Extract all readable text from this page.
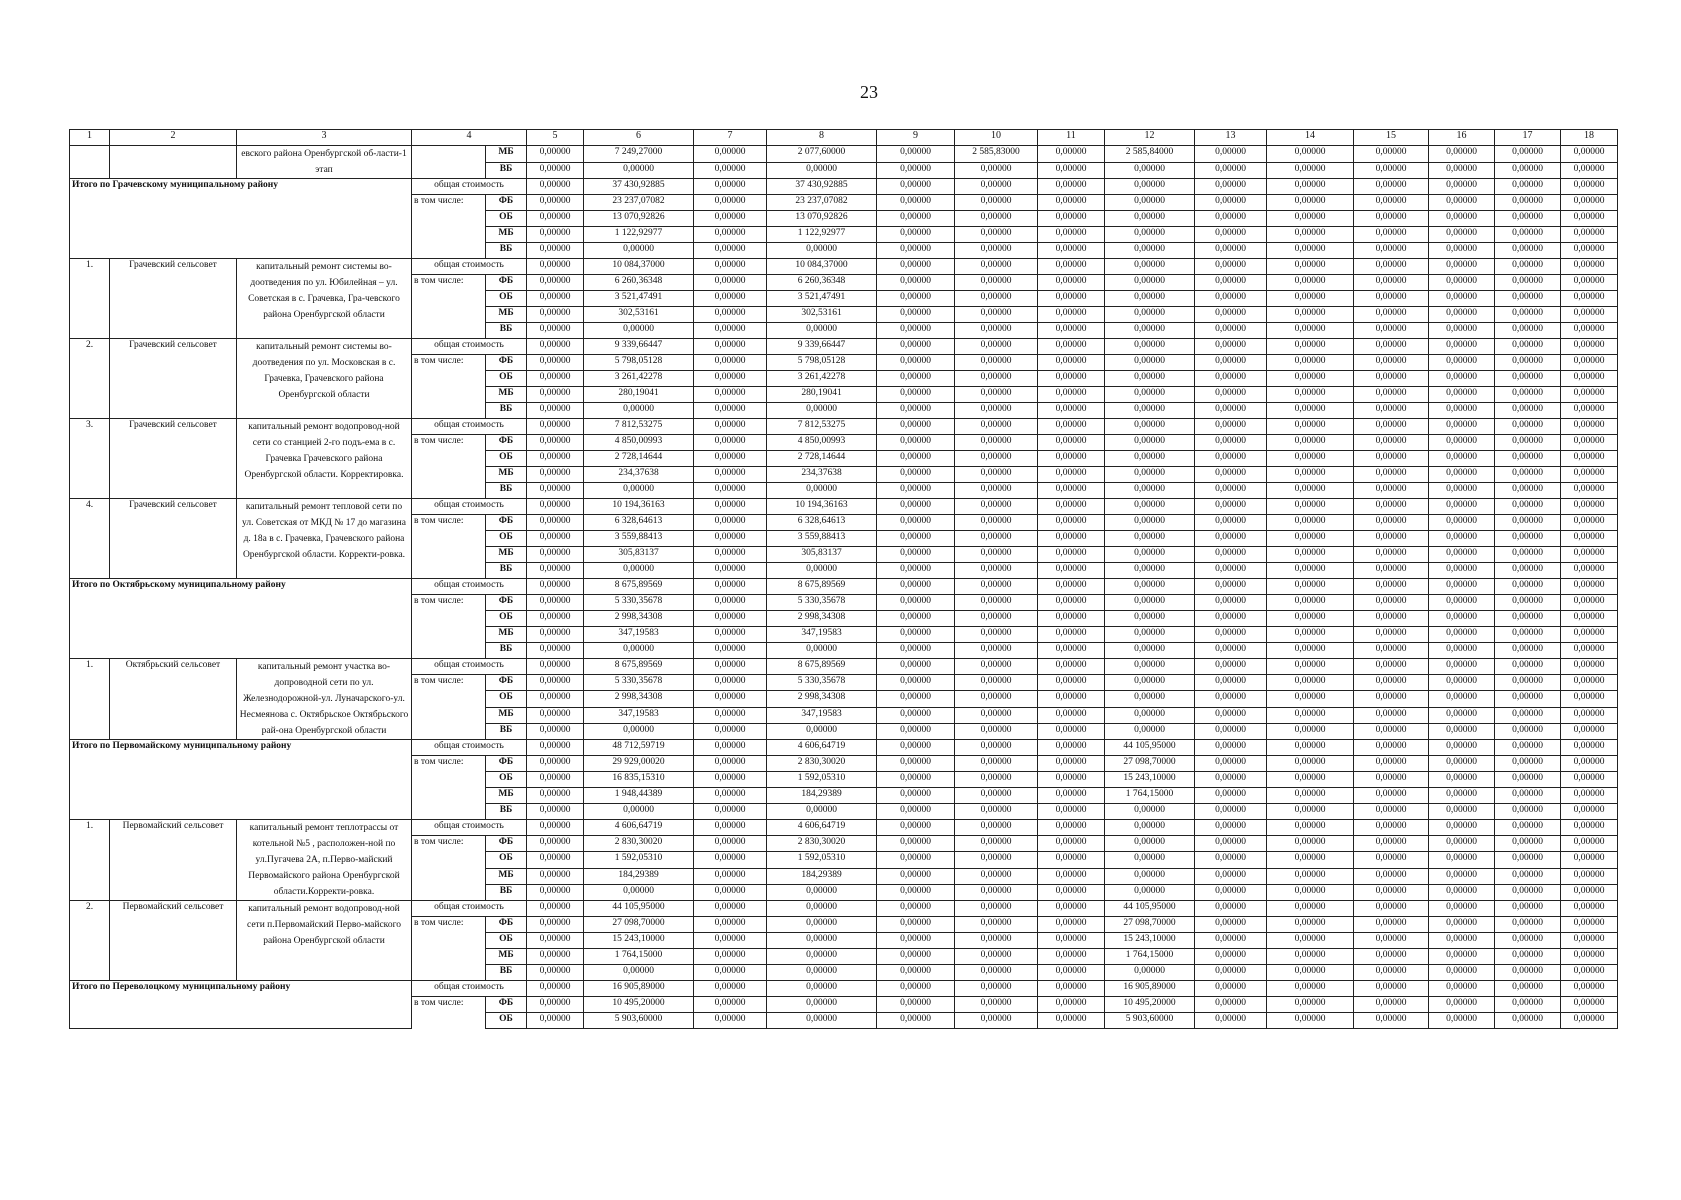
23
1	2	3	4		5	6	7	8	9	10	11	12	13	14	15	16	17	18
		евского района Оренбургской об-ласти-1 этап		МБ	0,00000	7 249,27000	0,00000	2 077,60000	0,00000	2 585,83000	0,00000	2 585,84000	0,00000	0,00000	0,00000	0,00000	0,00000	0,00000
				ВБ	0,00000	0,00000	0,00000	0,00000	0,00000	0,00000	0,00000	0,00000	0,00000	0,00000	0,00000	0,00000	0,00000	0,00000
Итого по Грачевскому муниципальному району			общая стоимость		0,00000	37 430,92885	0,00000	37 430,92885	0,00000	0,00000	0,00000	0,00000	0,00000	0,00000	0,00000	0,00000	0,00000	0,00000
			в том числе:	ФБ	0,00000	23 237,07082	0,00000	23 237,07082	0,00000	0,00000	0,00000	0,00000	0,00000	0,00000	0,00000	0,00000	0,00000	0,00000
				ОБ	0,00000	13 070,92826	0,00000	13 070,92826	0,00000	0,00000	0,00000	0,00000	0,00000	0,00000	0,00000	0,00000	0,00000	0,00000
				МБ	0,00000	1 122,92977	0,00000	1 122,92977	0,00000	0,00000	0,00000	0,00000	0,00000	0,00000	0,00000	0,00000	0,00000	0,00000
				ВБ	0,00000	0,00000	0,00000	0,00000	0,00000	0,00000	0,00000	0,00000	0,00000	0,00000	0,00000	0,00000	0,00000	0,00000
1.	Грачевский сельсовет	капитальный ремонт системы во-доотведения по ул. Юбилейная – ул. Советская в с. Грачевка, Гра-чевского района Оренбургской области	общая стоимость		0,00000	10 084,37000	0,00000	10 084,37000	0,00000	0,00000	0,00000	0,00000	0,00000	0,00000	0,00000	0,00000	0,00000	0,00000
			в том числе:	ФБ	0,00000	6 260,36348	0,00000	6 260,36348	0,00000	0,00000	0,00000	0,00000	0,00000	0,00000	0,00000	0,00000	0,00000	0,00000
				ОБ	0,00000	3 521,47491	0,00000	3 521,47491	0,00000	0,00000	0,00000	0,00000	0,00000	0,00000	0,00000	0,00000	0,00000	0,00000
				МБ	0,00000	302,53161	0,00000	302,53161	0,00000	0,00000	0,00000	0,00000	0,00000	0,00000	0,00000	0,00000	0,00000	0,00000
				ВБ	0,00000	0,00000	0,00000	0,00000	0,00000	0,00000	0,00000	0,00000	0,00000	0,00000	0,00000	0,00000	0,00000	0,00000
2.	Грачевский сельсовет	капитальный ремонт системы во-доотведения по ул. Московская в с. Грачевка, Грачевского района Оренбургской области	общая стоимость		0,00000	9 339,66447	0,00000	9 339,66447	0,00000	0,00000	0,00000	0,00000	0,00000	0,00000	0,00000	0,00000	0,00000	0,00000
			в том числе:	ФБ	0,00000	5 798,05128	0,00000	5 798,05128	0,00000	0,00000	0,00000	0,00000	0,00000	0,00000	0,00000	0,00000	0,00000	0,00000
				ОБ	0,00000	3 261,42278	0,00000	3 261,42278	0,00000	0,00000	0,00000	0,00000	0,00000	0,00000	0,00000	0,00000	0,00000	0,00000
				МБ	0,00000	280,19041	0,00000	280,19041	0,00000	0,00000	0,00000	0,00000	0,00000	0,00000	0,00000	0,00000	0,00000	0,00000
				ВБ	0,00000	0,00000	0,00000	0,00000	0,00000	0,00000	0,00000	0,00000	0,00000	0,00000	0,00000	0,00000	0,00000	0,00000
3.	Грачевский сельсовет	капитальный ремонт водопровод-ной сети со станцией 2-го подъ-ема в с. Грачевка Грачевского района Оренбургской области. Корректировка.	общая стоимость		0,00000	7 812,53275	0,00000	7 812,53275	0,00000	0,00000	0,00000	0,00000	0,00000	0,00000	0,00000	0,00000	0,00000	0,00000
			в том числе:	ФБ	0,00000	4 850,00993	0,00000	4 850,00993	0,00000	0,00000	0,00000	0,00000	0,00000	0,00000	0,00000	0,00000	0,00000	0,00000
				ОБ	0,00000	2 728,14644	0,00000	2 728,14644	0,00000	0,00000	0,00000	0,00000	0,00000	0,00000	0,00000	0,00000	0,00000	0,00000
				МБ	0,00000	234,37638	0,00000	234,37638	0,00000	0,00000	0,00000	0,00000	0,00000	0,00000	0,00000	0,00000	0,00000	0,00000
				ВБ	0,00000	0,00000	0,00000	0,00000	0,00000	0,00000	0,00000	0,00000	0,00000	0,00000	0,00000	0,00000	0,00000	0,00000
4.	Грачевский сельсовет	капитальный ремонт тепловой сети по ул. Советская от МКД № 17 до магазина д. 18а в с. Грачевка, Грачевского района Оренбургской области. Корректи-ровка.	общая стоимость		0,00000	10 194,36163	0,00000	10 194,36163	0,00000	0,00000	0,00000	0,00000	0,00000	0,00000	0,00000	0,00000	0,00000	0,00000
			в том числе:	ФБ	0,00000	6 328,64613	0,00000	6 328,64613	0,00000	0,00000	0,00000	0,00000	0,00000	0,00000	0,00000	0,00000	0,00000	0,00000
				ОБ	0,00000	3 559,88413	0,00000	3 559,88413	0,00000	0,00000	0,00000	0,00000	0,00000	0,00000	0,00000	0,00000	0,00000	0,00000
				МБ	0,00000	305,83137	0,00000	305,83137	0,00000	0,00000	0,00000	0,00000	0,00000	0,00000	0,00000	0,00000	0,00000	0,00000
				ВБ	0,00000	0,00000	0,00000	0,00000	0,00000	0,00000	0,00000	0,00000	0,00000	0,00000	0,00000	0,00000	0,00000	0,00000
Итого по Октябрьскому муниципальному району			общая стоимость		0,00000	8 675,89569	0,00000	8 675,89569	0,00000	0,00000	0,00000	0,00000	0,00000	0,00000	0,00000	0,00000	0,00000	0,00000
			в том числе:	ФБ	0,00000	5 330,35678	0,00000	5 330,35678	0,00000	0,00000	0,00000	0,00000	0,00000	0,00000	0,00000	0,00000	0,00000	0,00000
				ОБ	0,00000	2 998,34308	0,00000	2 998,34308	0,00000	0,00000	0,00000	0,00000	0,00000	0,00000	0,00000	0,00000	0,00000	0,00000
				МБ	0,00000	347,19583	0,00000	347,19583	0,00000	0,00000	0,00000	0,00000	0,00000	0,00000	0,00000	0,00000	0,00000	0,00000
				ВБ	0,00000	0,00000	0,00000	0,00000	0,00000	0,00000	0,00000	0,00000	0,00000	0,00000	0,00000	0,00000	0,00000	0,00000
1.	Октябрьский сельсовет	капитальный ремонт участка во-допроводной сети по ул. Железнодорожной-ул. Луначарского-ул. Несмеянова с. Октябрьское Октябрьского рай-она Оренбургской области	общая стоимость		0,00000	8 675,89569	0,00000	8 675,89569	0,00000	0,00000	0,00000	0,00000	0,00000	0,00000	0,00000	0,00000	0,00000	0,00000
			в том числе:	ФБ	0,00000	5 330,35678	0,00000	5 330,35678	0,00000	0,00000	0,00000	0,00000	0,00000	0,00000	0,00000	0,00000	0,00000	0,00000
				ОБ	0,00000	2 998,34308	0,00000	2 998,34308	0,00000	0,00000	0,00000	0,00000	0,00000	0,00000	0,00000	0,00000	0,00000	0,00000
				МБ	0,00000	347,19583	0,00000	347,19583	0,00000	0,00000	0,00000	0,00000	0,00000	0,00000	0,00000	0,00000	0,00000	0,00000
				ВБ	0,00000	0,00000	0,00000	0,00000	0,00000	0,00000	0,00000	0,00000	0,00000	0,00000	0,00000	0,00000	0,00000	0,00000
Итого по Первомайскому муниципальному району			общая стоимость		0,00000	48 712,59719	0,00000	4 606,64719	0,00000	0,00000	0,00000	44 105,95000	0,00000	0,00000	0,00000	0,00000	0,00000	0,00000
			в том числе:	ФБ	0,00000	29 929,00020	0,00000	2 830,30020	0,00000	0,00000	0,00000	27 098,70000	0,00000	0,00000	0,00000	0,00000	0,00000	0,00000
				ОБ	0,00000	16 835,15310	0,00000	1 592,05310	0,00000	0,00000	0,00000	15 243,10000	0,00000	0,00000	0,00000	0,00000	0,00000	0,00000
				МБ	0,00000	1 948,44389	0,00000	184,29389	0,00000	0,00000	0,00000	1 764,15000	0,00000	0,00000	0,00000	0,00000	0,00000	0,00000
				ВБ	0,00000	0,00000	0,00000	0,00000	0,00000	0,00000	0,00000	0,00000	0,00000	0,00000	0,00000	0,00000	0,00000	0,00000
1.	Первомайский сельсовет	капитальный ремонт теплотрассы от котельной №5 , расположен-ной по ул.Пугачева 2А, п.Перво-майский Первомайского района Оренбургской области.Корректи-ровка.	общая стоимость		0,00000	4 606,64719	0,00000	4 606,64719	0,00000	0,00000	0,00000	0,00000	0,00000	0,00000	0,00000	0,00000	0,00000	0,00000
			в том числе:	ФБ	0,00000	2 830,30020	0,00000	2 830,30020	0,00000	0,00000	0,00000	0,00000	0,00000	0,00000	0,00000	0,00000	0,00000	0,00000
				ОБ	0,00000	1 592,05310	0,00000	1 592,05310	0,00000	0,00000	0,00000	0,00000	0,00000	0,00000	0,00000	0,00000	0,00000	0,00000
				МБ	0,00000	184,29389	0,00000	184,29389	0,00000	0,00000	0,00000	0,00000	0,00000	0,00000	0,00000	0,00000	0,00000	0,00000
				ВБ	0,00000	0,00000	0,00000	0,00000	0,00000	0,00000	0,00000	0,00000	0,00000	0,00000	0,00000	0,00000	0,00000	0,00000
2.	Первомайский сельсовет	капитальный ремонт водопровод-ной сети п.Первомайский Перво-майского района Оренбургской области	общая стоимость		0,00000	44 105,95000	0,00000	0,00000	0,00000	0,00000	0,00000	44 105,95000	0,00000	0,00000	0,00000	0,00000	0,00000	0,00000
			в том числе:	ФБ	0,00000	27 098,70000	0,00000	0,00000	0,00000	0,00000	0,00000	27 098,70000	0,00000	0,00000	0,00000	0,00000	0,00000	0,00000
				ОБ	0,00000	15 243,10000	0,00000	0,00000	0,00000	0,00000	0,00000	15 243,10000	0,00000	0,00000	0,00000	0,00000	0,00000	0,00000
				МБ	0,00000	1 764,15000	0,00000	0,00000	0,00000	0,00000	0,00000	1 764,15000	0,00000	0,00000	0,00000	0,00000	0,00000	0,00000
				ВБ	0,00000	0,00000	0,00000	0,00000	0,00000	0,00000	0,00000	0,00000	0,00000	0,00000	0,00000	0,00000	0,00000	0,00000
Итого по Переволоцкому муниципальному району			общая стоимость		0,00000	16 905,89000	0,00000	0,00000	0,00000	0,00000	0,00000	16 905,89000	0,00000	0,00000	0,00000	0,00000	0,00000	0,00000
			в том числе:	ФБ	0,00000	10 495,20000	0,00000	0,00000	0,00000	0,00000	0,00000	10 495,20000	0,00000	0,00000	0,00000	0,00000	0,00000	0,00000
				ОБ	0,00000	5 903,60000	0,00000	0,00000	0,00000	0,00000	0,00000	5 903,60000	0,00000	0,00000	0,00000	0,00000	0,00000	0,00000
